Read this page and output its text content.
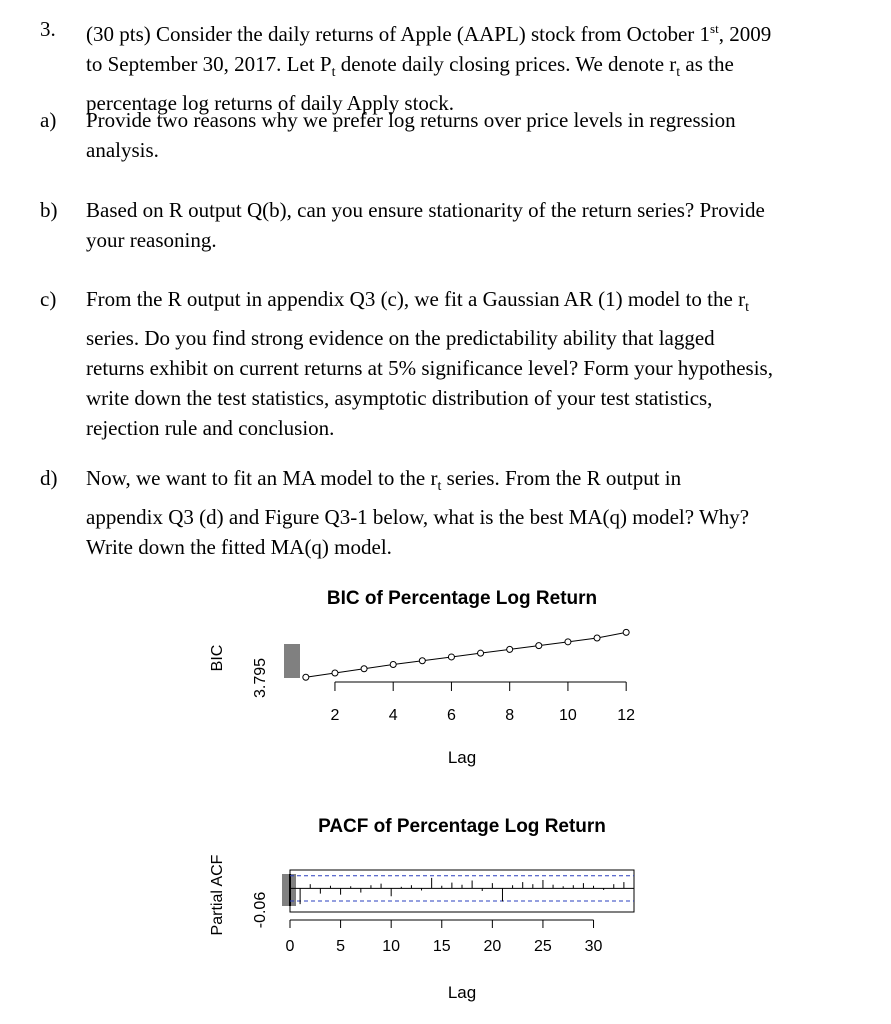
3.	(30 pts) Consider the daily returns of Apple (AAPL) stock from October 1st, 2009
to September 30, 2017. Let $P_t$ denote daily closing prices. We denote $r_t$ as the
percentage log returns of daily Apply stock.
a)	Provide two reasons why we prefer log returns over price levels in regression
analysis.
b)	Based on R output Q(b), can you ensure stationarity of the return series? Provide
your reasoning.
c)	From the R output in appendix Q3 (c), we fit a Gaussian AR (1) model to the $r_t$
series. Do you find strong evidence on the predictability ability that lagged
returns exhibit on current returns at 5% significance level? Form your hypothesis,
write down the test statistics, asymptotic distribution of your test statistics,
rejection rule and conclusion.
d)	Now, we want to fit an MA model to the $r_t$ series. From the R output in
appendix Q3 (d) and Figure Q3-1 below, what is the best MA(q) model? Why?
Write down the fitted MA(q) model.
BIC of Percentage Log Return
BIC 3.795
2	4	6	8	10	12
Lag
PACF of Percentage Log Return
Partial ACF -0.06
0	5 10 15 20 25 30
Lag
